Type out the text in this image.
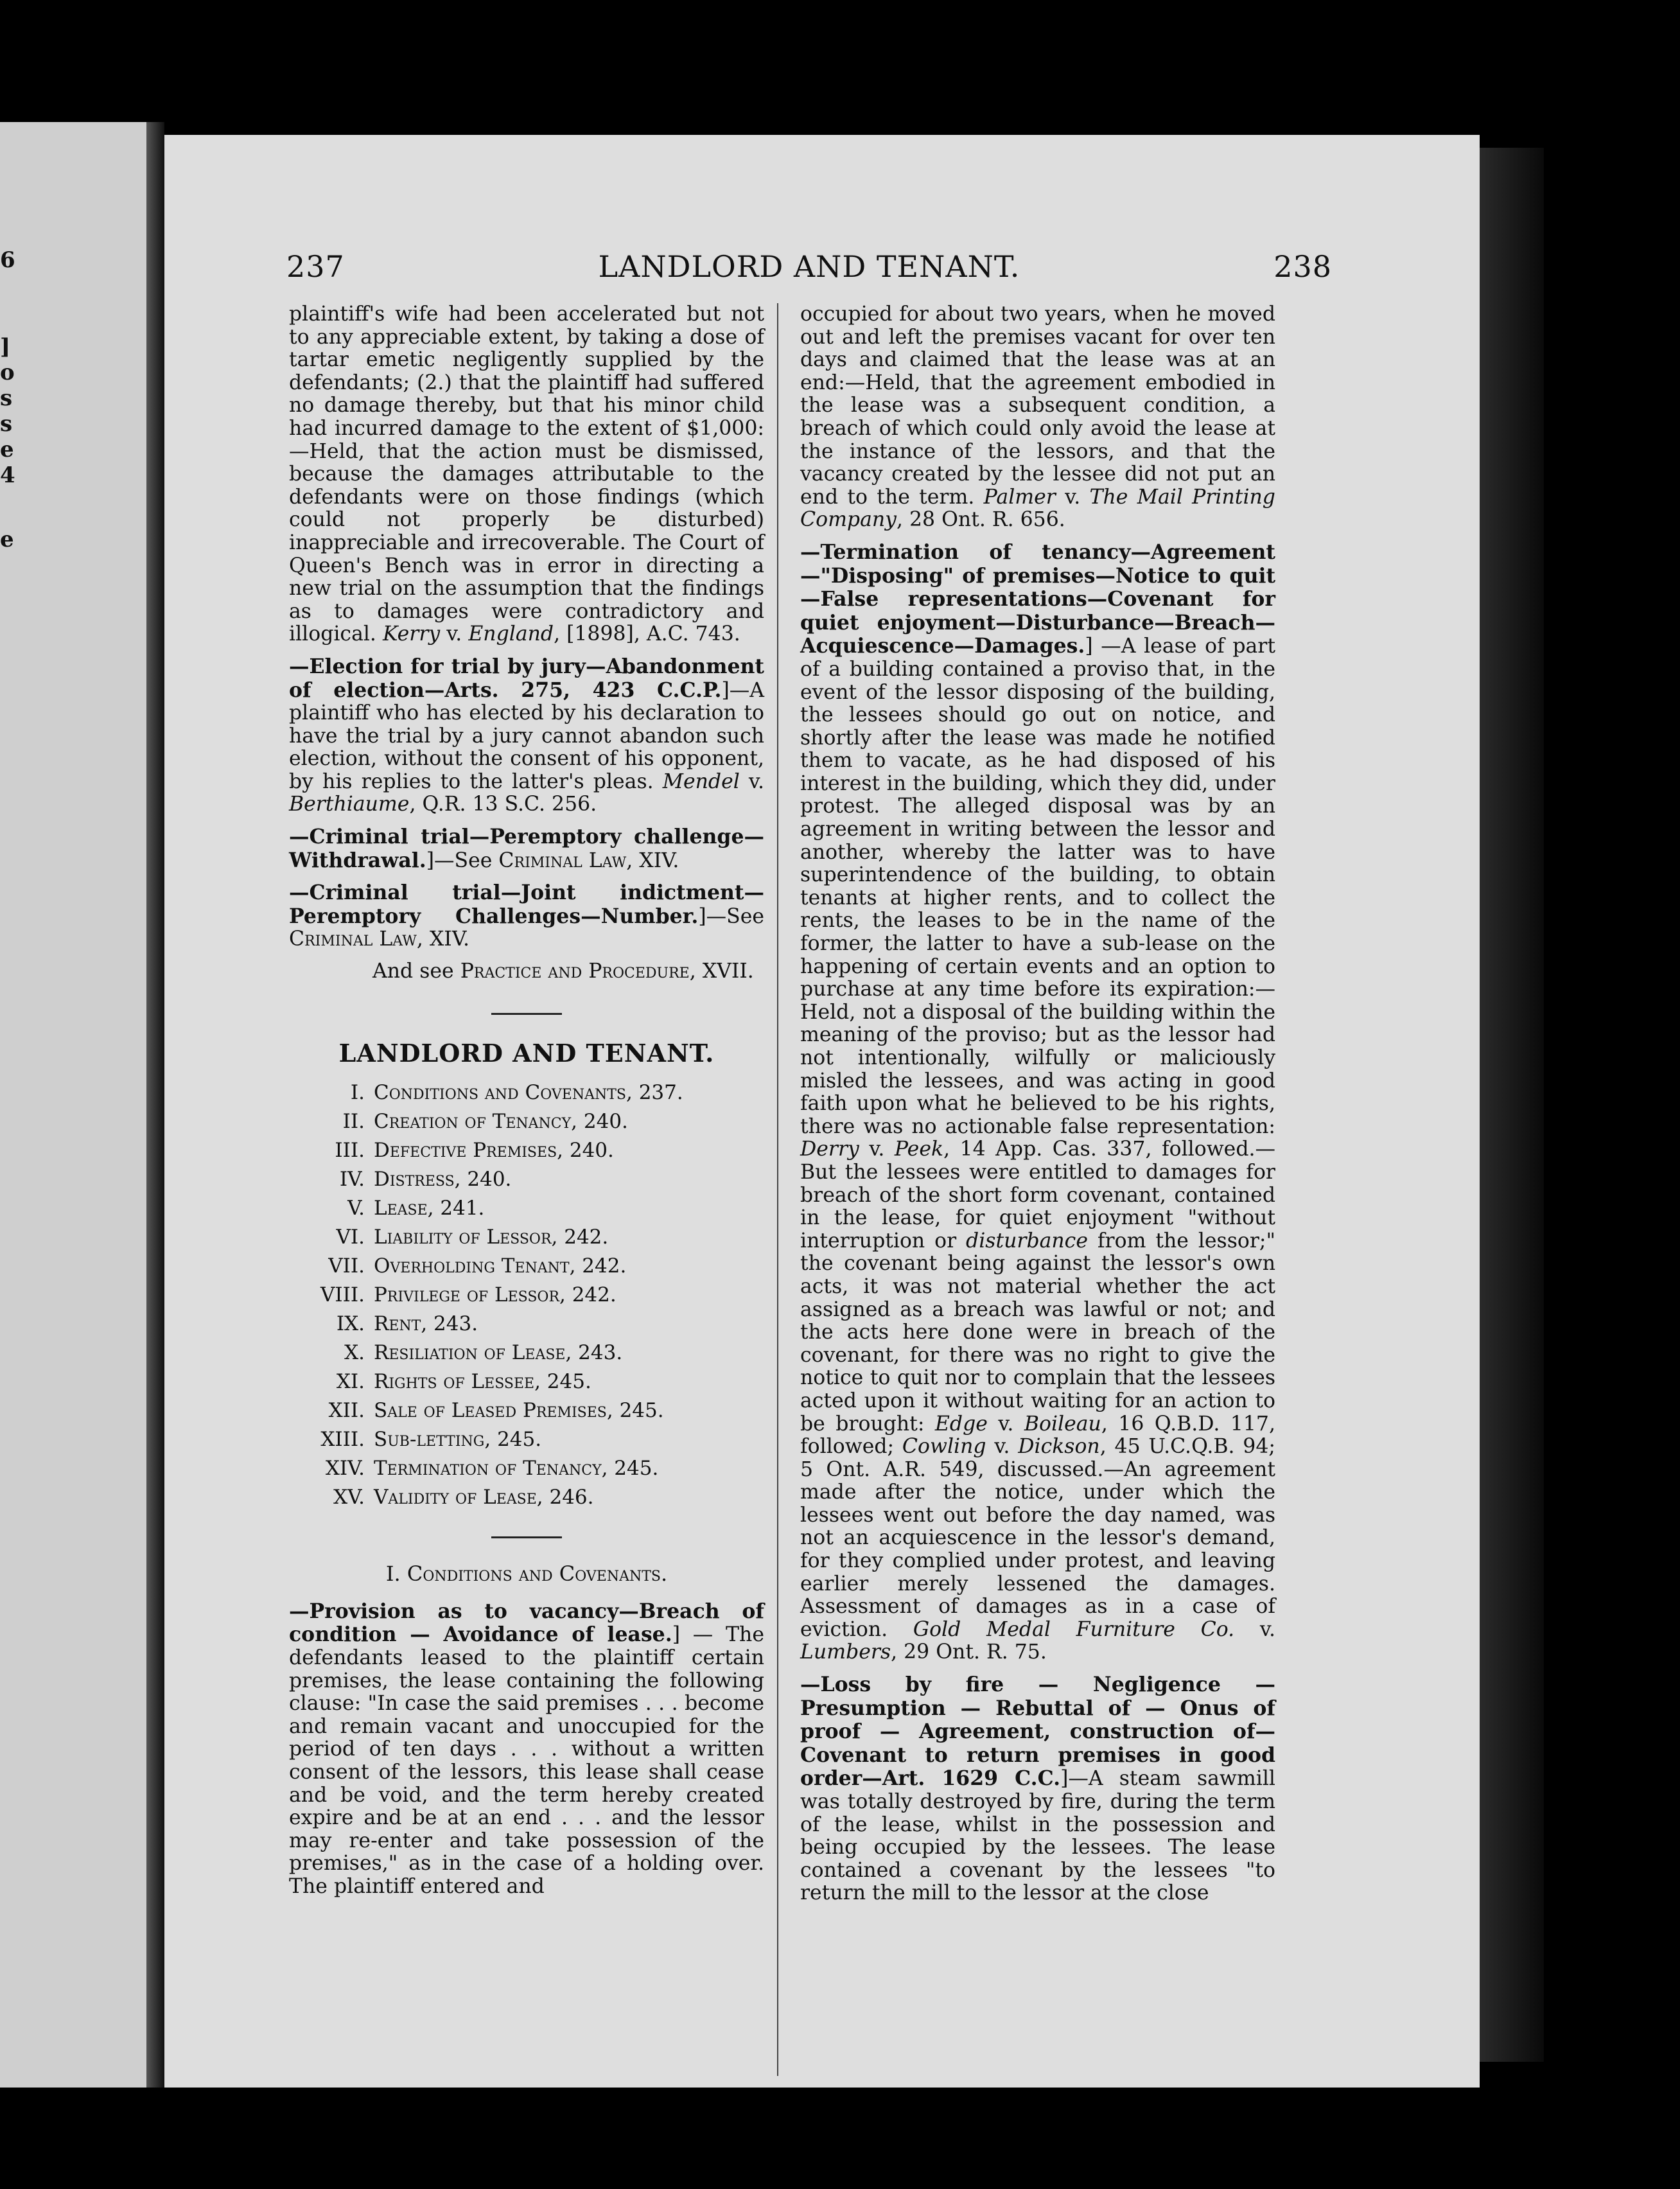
6
]
o
s
s
e
4
e
237	LANDLORD AND TENANT.	238

plaintiff's wife had been accelerated but not to any appreciable extent, by taking a dose of tartar emetic negligently supplied by the defendants; (2.) that the plaintiff had suffered no damage thereby, but that his minor child had incurred damage to the extent of $1,000: —Held, that the action must be dismissed, because the damages attributable to the defendants were on those findings (which could not properly be disturbed) inappreciable and irrecoverable. The Court of Queen's Bench was in error in directing a new trial on the assumption that the findings as to damages were contradictory and illogical. Kerry v. England, [1898], A.C. 743.

—Election for trial by jury—Abandonment of election—Arts. 275, 423 C.C.P.]—A plaintiff who has elected by his declaration to have the trial by a jury cannot abandon such election, without the consent of his opponent, by his replies to the latter's pleas. Mendel v. Berthiaume, Q.R. 13 S.C. 256.

—Criminal trial—Peremptory challenge—Withdrawal.]—See Criminal Law, XIV.

—Criminal trial—Joint indictment—Peremptory Challenges—Number.]—See Criminal Law, XIV.

And see Practice and Procedure, XVII.

LANDLORD AND TENANT.

I. Conditions and Covenants, 237.
II. Creation of Tenancy, 240.
III. Defective Premises, 240.
IV. Distress, 240.
V. Lease, 241.
VI. Liability of Lessor, 242.
VII. Overholding Tenant, 242.
VIII. Privilege of Lessor, 242.
IX. Rent, 243.
X. Resiliation of Lease, 243.
XI. Rights of Lessee, 245.
XII. Sale of Leased Premises, 245.
XIII. Sub-letting, 245.
XIV. Termination of Tenancy, 245.
XV. Validity of Lease, 246.

I. Conditions and Covenants.

—Provision as to vacancy—Breach of condition — Avoidance of lease.] — The defendants leased to the plaintiff certain premises, the lease containing the following clause: "In case the said premises . . . become and remain vacant and unoccupied for the period of ten days . . . without a written consent of the lessors, this lease shall cease and be void, and the term hereby created expire and be at an end . . . and the lessor may re-enter and take possession of the premises," as in the case of a holding over. The plaintiff entered and

occupied for about two years, when he moved out and left the premises vacant for over ten days and claimed that the lease was at an end:—Held, that the agreement embodied in the lease was a subsequent condition, a breach of which could only avoid the lease at the instance of the lessors, and that the vacancy created by the lessee did not put an end to the term. Palmer v. The Mail Printing Company, 28 Ont. R. 656.

—Termination of tenancy—Agreement—"Disposing" of premises—Notice to quit—False representations—Covenant for quiet enjoyment—Disturbance—Breach—Acquiescence—Damages.] —A lease of part of a building contained a proviso that, in the event of the lessor disposing of the building, the lessees should go out on notice, and shortly after the lease was made he notified them to vacate, as he had disposed of his interest in the building, which they did, under protest. The alleged disposal was by an agreement in writing between the lessor and another, whereby the latter was to have superintendence of the building, to obtain tenants at higher rents, and to collect the rents, the leases to be in the name of the former, the latter to have a sub-lease on the happening of certain events and an option to purchase at any time before its expiration:—Held, not a disposal of the building within the meaning of the proviso; but as the lessor had not intentionally, wilfully or maliciously misled the lessees, and was acting in good faith upon what he believed to be his rights, there was no actionable false representation: Derry v. Peek, 14 App. Cas. 337, followed.—But the lessees were entitled to damages for breach of the short form covenant, contained in the lease, for quiet enjoyment "without interruption or disturbance from the lessor;" the covenant being against the lessor's own acts, it was not material whether the act assigned as a breach was lawful or not; and the acts here done were in breach of the covenant, for there was no right to give the notice to quit nor to complain that the lessees acted upon it without waiting for an action to be brought: Edge v. Boileau, 16 Q.B.D. 117, followed; Cowling v. Dickson, 45 U.C.Q.B. 94; 5 Ont. A.R. 549, discussed.—An agreement made after the notice, under which the lessees went out before the day named, was not an acquiescence in the lessor's demand, for they complied under protest, and leaving earlier merely lessened the damages. Assessment of damages as in a case of eviction. Gold Medal Furniture Co. v. Lumbers, 29 Ont. R. 75.

—Loss by fire — Negligence — Presumption — Rebuttal of — Onus of proof — Agreement, construction of—Covenant to return premises in good order—Art. 1629 C.C.]—A steam sawmill was totally destroyed by fire, during the term of the lease, whilst in the possession and being occupied by the lessees. The lease contained a covenant by the lessees "to return the mill to the lessor at the close
